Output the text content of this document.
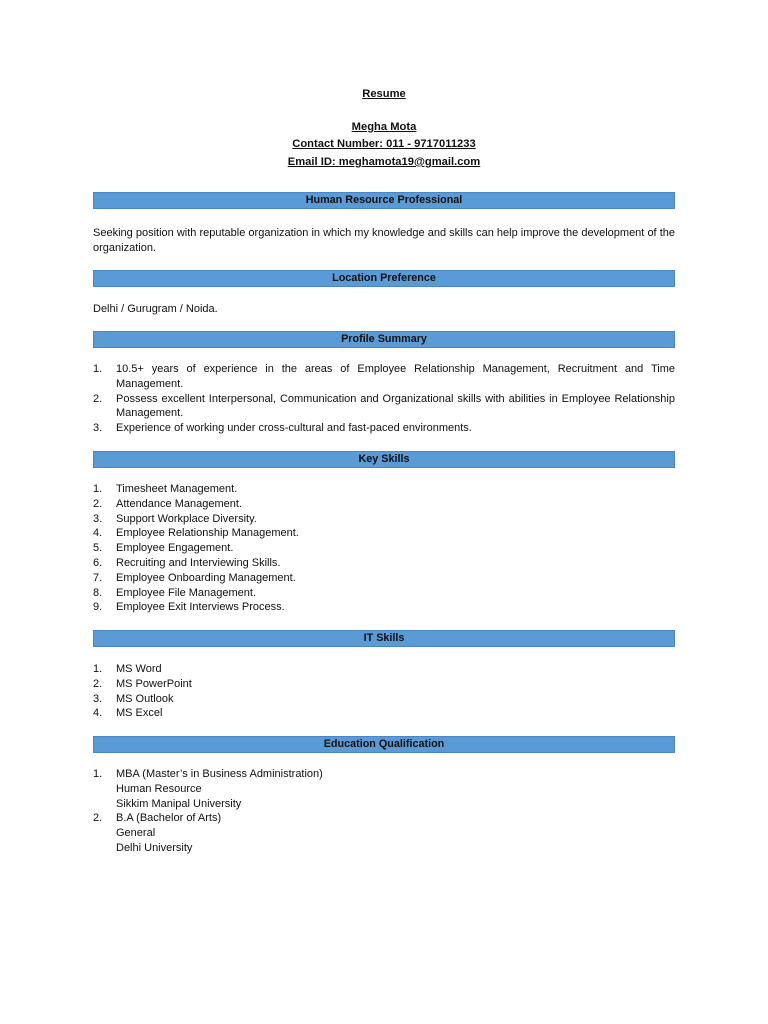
Resume
Megha Mota
Contact Number: 011 - 9717011233
Email ID: meghamota19@gmail.com
Human Resource Professional
Seeking position with reputable organization in which my knowledge and skills can help improve the development of the organization.
Location Preference
Delhi / Gurugram / Noida.
Profile Summary
1. 10.5+ years of experience in the areas of Employee Relationship Management, Recruitment and Time Management.
2. Possess excellent Interpersonal, Communication and Organizational skills with abilities in Employee Relationship Management.
3. Experience of working under cross-cultural and fast-paced environments.
Key Skills
1. Timesheet Management.
2. Attendance Management.
3. Support Workplace Diversity.
4. Employee Relationship Management.
5. Employee Engagement.
6. Recruiting and Interviewing Skills.
7. Employee Onboarding Management.
8. Employee File Management.
9. Employee Exit Interviews Process.
IT Skills
1. MS Word
2. MS PowerPoint
3. MS Outlook
4. MS Excel
Education Qualification
1. MBA (Master’s in Business Administration)
Human Resource
Sikkim Manipal University
2. B.A (Bachelor of Arts)
General
Delhi University
